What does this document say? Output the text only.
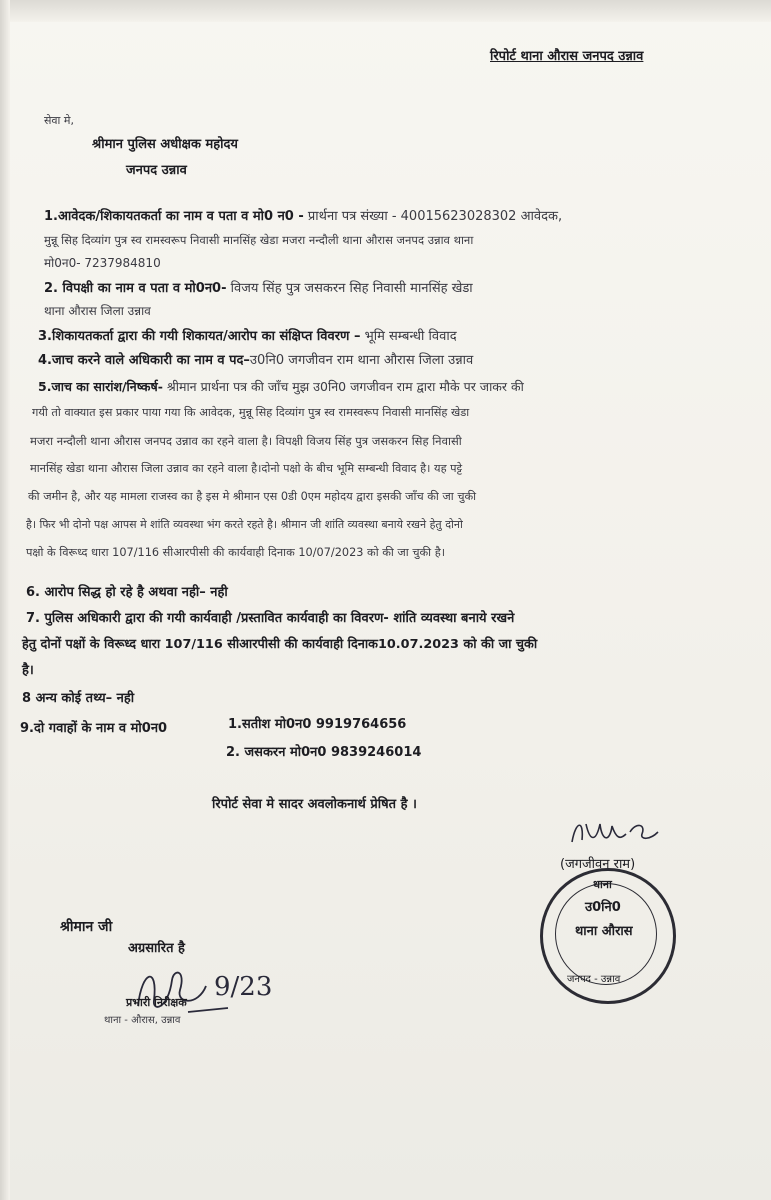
रिपोर्ट थाना औरास जनपद उन्नाव
सेवा मे,
श्रीमान पुलिस अधीक्षक महोदय
जनपद उन्नाव
1.आवेदक/शिकायतकर्ता का नाम व पता व मो0 न0 - प्रार्थना पत्र संख्या - 40015623028302 आवेदक,
मुन्नू सिह दिव्यांग पुत्र स्व रामस्वरूप निवासी मानसिंह खेडा मजरा नन्दौली थाना औरास जनपद उन्नाव थाना
मो0न0- 7237984810
2. विपक्षी का नाम व पता व मो0न0- विजय सिंह पुत्र जसकरन सिह निवासी मानसिंह खेडा
थाना औरास जिला उन्नाव
3.शिकायतकर्ता द्वारा की गयी शिकायत/आरोप का संक्षिप्त विवरण – भूमि सम्बन्धी विवाद
4.जाच करने वाले अधिकारी का नाम व पद–उ0नि0 जगजीवन राम थाना औरास जिला उन्नाव
5.जाच का सारांश/निष्कर्ष- श्रीमान प्रार्थना पत्र की जाँच मुझ उ0नि0 जगजीवन राम द्वारा मौके पर जाकर की
गयी तो वाक्यात इस प्रकार पाया गया कि आवेदक, मुन्नू सिह दिव्यांग पुत्र स्व रामस्वरूप निवासी मानसिंह खेडा
मजरा नन्दौली थाना औरास जनपद उन्नाव का रहने वाला है। विपक्षी विजय सिंह पुत्र जसकरन सिह निवासी
मानसिंह खेडा थाना औरास जिला उन्नाव का रहने वाला है।दोनो पक्षो के बीच भूमि सम्बन्धी विवाद है। यह पट्टे
की जमीन है, और यह मामला राजस्व का है इस मे श्रीमान एस 0डी 0एम महोदय द्वारा इसकी जाँच की जा चुकी
है। फिर भी दोनो पक्ष आपस मे शांति व्यवस्था भंग करते रहते है। श्रीमान जी शांति व्यवस्था बनाये रखने हेतु दोनो
पक्षो के विरूध्द धारा 107/116 सीआरपीसी की कार्यवाही दिनाक 10/07/2023 को की जा चुकी है।
6. आरोप सिद्ध हो रहे है अथवा नही– नही
7. पुलिस अधिकारी द्वारा की गयी कार्यवाही /प्रस्तावित कार्यवाही का विवरण- शांति व्यवस्था बनाये रखने
हेतु दोनों पक्षों के विरूध्द धारा 107/116 सीआरपीसी की कार्यवाही दिनाक10.07.2023 को की जा चुकी
है।
8 अन्य कोई तथ्य– नही
9.दो गवाहों के नाम व मो0न0	1.सतीश मो0न0 9919764656
2. जसकरन मो0न0 9839246014
रिपोर्ट सेवा मे सादर अवलोकनार्थ प्रेषित है ।
(जगजीवन राम)
थाना
उ0नि0
थाना औरास
जनपद - उन्नाव
श्रीमान जी
अग्रसारित है
9/23
प्रभारी निरीक्षक
थाना - औरास, उन्नाव
